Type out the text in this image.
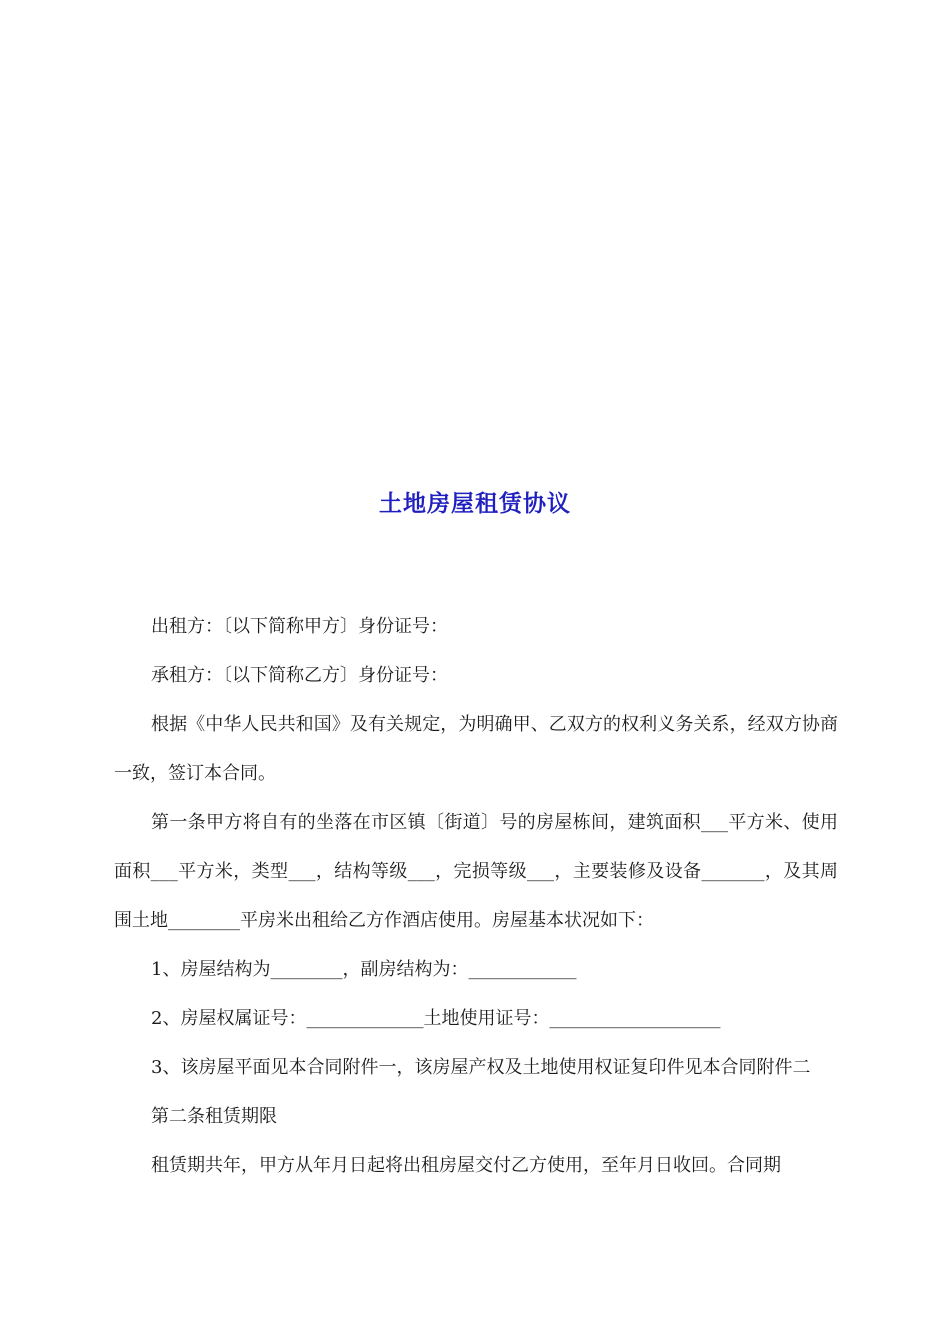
土地房屋租赁协议

出租方：〔以下简称甲方〕身份证号：

承租方：〔以下简称乙方〕身份证号：

根据《中华人民共和国》及有关规定，为明确甲、乙双方的权利义务关系，经双方协商一致，签订本合同。

第一条甲方将自有的坐落在市区镇〔街道〕号的房屋栋间，建筑面积___平方米、使用面积___平方米，类型___，结构等级___，完损等级___，主要装修及设备_______，及其周围土地________平房米出租给乙方作酒店使用。房屋基本状况如下：

1、房屋结构为________，副房结构为：____________

2、房屋权属证号：_____________土地使用证号：___________________

3、该房屋平面见本合同附件一，该房屋产权及土地使用权证复印件见本合同附件二

第二条租赁期限

租赁期共年，甲方从年月日起将出租房屋交付乙方使用，至年月日收回。合同期
